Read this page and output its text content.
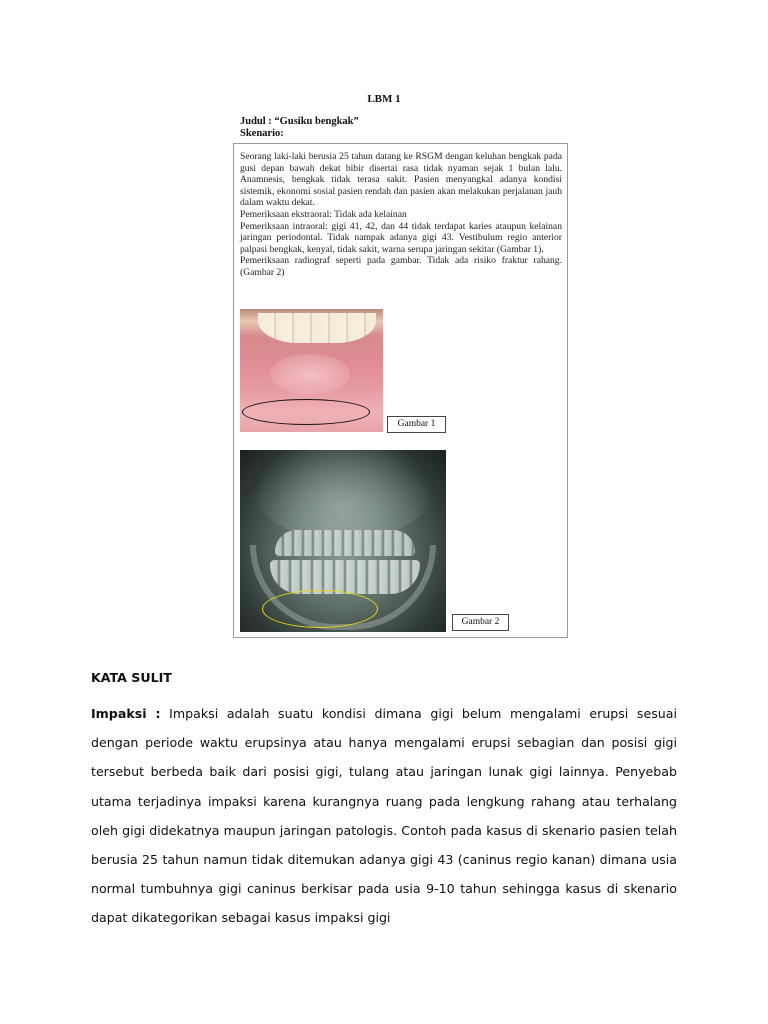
LBM 1
Judul : “Gusiku bengkak”
Skenario:

Seorang laki-laki berusia 25 tahun datang ke RSGM dengan keluhan bengkak pada gusi depan bawah dekat bibir disertai rasa tidak nyaman sejak 1 bulan lalu. Anamnesis, bengkak tidak terasa sakit. Pasien menyangkal adanya kondisi sistemik, ekonomi sosial pasien rendah dan pasien akan melakukan perjalanan jauh dalam waktu dekat.

Pemeriksaan ekstraoral: Tidak ada kelainan

Pemeriksaan intraoral: gigi 41, 42, dan 44 tidak terdapat karies ataupun kelainan jaringan periodontal. Tidak nampak adanya gigi 43. Vestibulum regio anterior palpasi bengkak, kenyal, tidak sakit, warna serupa jaringan sekitar (Gambar 1).

Pemeriksaan radiograf seperti pada gambar. Tidak ada risiko fraktur rahang. (Gambar 2)

Gambar 1
Gambar 2
KATA SULIT
Impaksi : Impaksi adalah suatu kondisi dimana gigi belum mengalami erupsi sesuai dengan periode waktu erupsinya atau hanya mengalami erupsi sebagian dan posisi gigi tersebut berbeda baik dari posisi gigi, tulang atau jaringan lunak gigi lainnya. Penyebab utama terjadinya impaksi karena kurangnya ruang pada lengkung rahang atau terhalang oleh gigi didekatnya maupun jaringan patologis. Contoh pada kasus di skenario pasien telah berusia 25 tahun namun tidak ditemukan adanya gigi 43 (caninus regio kanan) dimana usia normal tumbuhnya gigi caninus berkisar pada usia 9-10 tahun sehingga kasus di skenario dapat dikategorikan sebagai kasus impaksi gigi
